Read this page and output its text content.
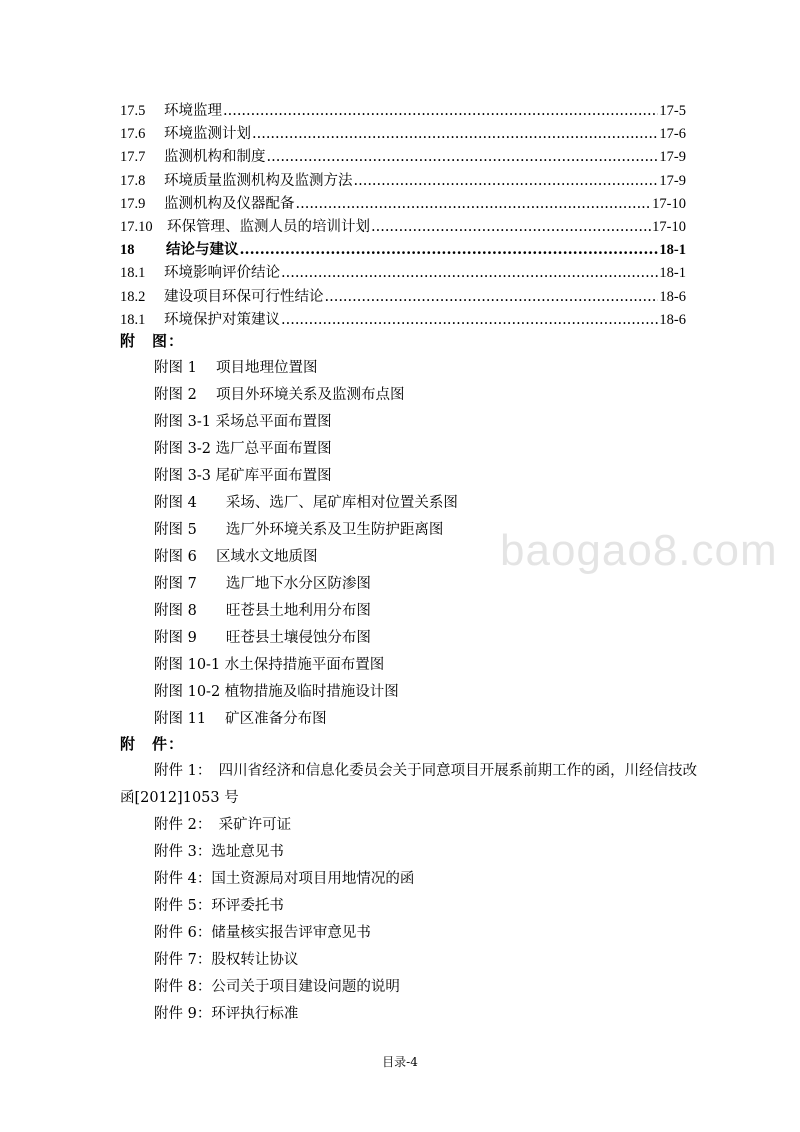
17.5	环境监理 .....	17-5
17.6	环境监测计划 .....	17-6
17.7	监测机构和制度 .....	17-9
17.8	环境质量监测机构及监测方法 .....	17-9
17.9	监测机构及仪器配备 .....	17-10
17.10 环保管理、监测人员的培训计划 .....	17-10
18	结论与建议 .....	18-1
18.1	环境影响评价结论 .....	18-1
18.2	建设项目环保可行性结论 .....	18-6
18.1	环境保护对策建议 .....	18-6
附　图：
附图 1　 项目地理位置图
附图 2　 项目外环境关系及监测布点图
附图 3-1 采场总平面布置图
附图 3-2 选厂总平面布置图
附图 3-3 尾矿库平面布置图
附图 4　　采场、选厂、尾矿库相对位置关系图
附图 5　　选厂外环境关系及卫生防护距离图
附图 6　 区域水文地质图
附图 7　　选厂地下水分区防渗图
附图 8　　旺苍县土地利用分布图
附图 9　　旺苍县土壤侵蚀分布图
附图 10-1 水土保持措施平面布置图
附图 10-2 植物措施及临时措施设计图
附图 11　 矿区准备分布图
附　件：
附件 1：　四川省经济和信息化委员会关于同意项目开展系前期工作的函，川经信技改函[2012]1053 号
附件 2：　采矿许可证
附件 3：选址意见书
附件 4：国土资源局对项目用地情况的函
附件 5：环评委托书
附件 6：储量核实报告评审意见书
附件 7：股权转让协议
附件 8：公司关于项目建设问题的说明
附件 9：环评执行标准
baogao8.com
目录-4
